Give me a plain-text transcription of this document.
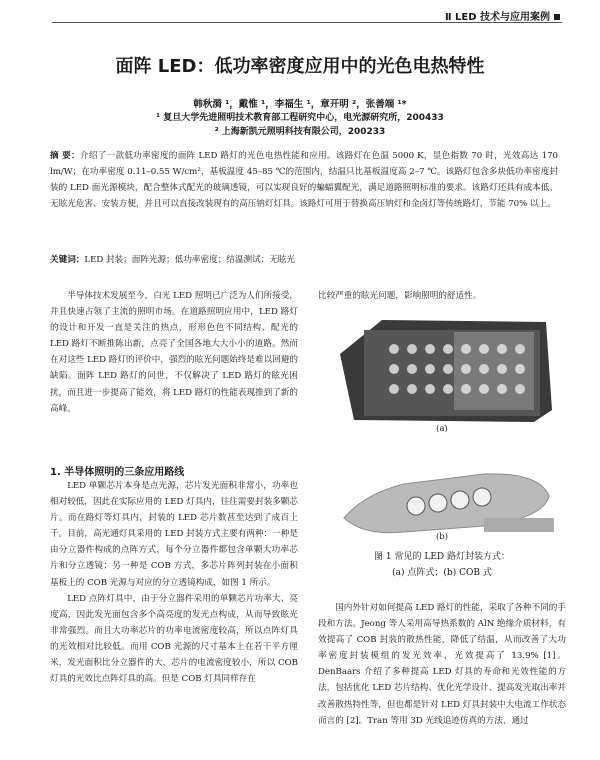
Ⅱ LED 技术与应用案例
面阵 LED：低功率密度应用中的光色电热特性
韩秋漪 ¹，戴惟 ¹，李福生 ¹，章开明 ²，张善端 ¹*
¹ 复旦大学先进照明技术教育部工程研究中心，电光源研究所，200433
² 上海新凯元照明科技有限公司，200233
摘 要：介绍了一款低功率密度的面阵 LED 路灯的光色电热性能和应用。该路灯在色温 5000 K，显色指数 70 时，光效高达 170 lm/W；在功率密度 0.11–0.55 W/cm²，基板温度 45–85 ℃的范围内，结温只比基板温度高 2–7 ℃。该路灯包含多块低功率密度封装的 LED 面光源模块，配合整体式配光的玻璃透镜，可以实现良好的蝙蝠翼配光，满足道路照明标准的要求。该路灯还具有成本低、无眩光危害、安装方便，并且可以直接改装现有的高压钠灯灯具。该路灯可用于替换高压钠灯和金卤灯等传统路灯，节能 70% 以上。
关键词：LED 封装；面阵光源；低功率密度；结温测试；无眩光

半导体技术发展至今，白光 LED 照明已广泛为人们所接受，并且快速占领了主流的照明市场。在道路照明应用中，LED 路灯的设计和开发一直是关注的热点，形形色色不同结构、配光的 LED 路灯不断推陈出新，点亮了全国各地大大小小的道路。然而在对这些 LED 路灯的评价中，强烈的眩光问题始终是难以回避的缺陷。面阵 LED 路灯的问世，不仅解决了 LED 路灯的眩光困扰，而且进一步提高了能效，将 LED 路灯的性能表现推到了新的高峰。

1. 半导体照明的三条应用路线

LED 单颗芯片本身是点光源，芯片发光面积非常小，功率也相对较低，因此在实际应用的 LED 灯具内，往往需要封装多颗芯片。而在路灯等灯具内，封装的 LED 芯片数甚至达到了成百上千。目前，高光通灯具采用的 LED 封装方式主要有两种：一种是由分立器件构成的点阵方式，每个分立器件都包含单颗大功率芯片和分立透镜；另一种是 COB 方式，多芯片阵列封装在小面积基板上的 COB 光源与对应的分立透镜构成，如图 1 所示。

LED 点阵灯具中，由于分立器件采用的单颗芯片功率大、亮度高，因此发光面包含多个高亮度的发光点构成，从而导致眩光非常强烈。而且大功率芯片的功率电流密度较高，所以点阵灯具的光效相对比较低。而用 COB 光源的尺寸基本上在若干平方厘米，发光面积比分立器件的大，芯片的电流密度较小，所以 COB 灯具的光效比点阵灯具的高。但是 COB 灯具同样存在

比较严重的眩光问题，影响照明的舒适性。
(a)
(b)
图 1 常见的 LED 路灯封装方式：
(a) 点阵式；(b) COB 式

国内外针对如何提高 LED 路灯的性能，采取了各种不同的手段和方法。Jeong 等人采用高导热系数的 AlN 绝缘介质材料，有效提高了 COB 封装的散热性能，降低了结温，从而改善了大功率密度封装模组的发光效率，光效提高了 13.9% [1]。DenBaars 介绍了多种提高 LED 灯具的寿命和光效性能的方法，包括优化 LED 芯片结构、优化光学设计、提高发光取出率并改善散热特性等，但也都是针对 LED 灯具封装中大电流工作状态而言的 [2]。Tran 等用 3D 光线追迹仿真的方法，通过
